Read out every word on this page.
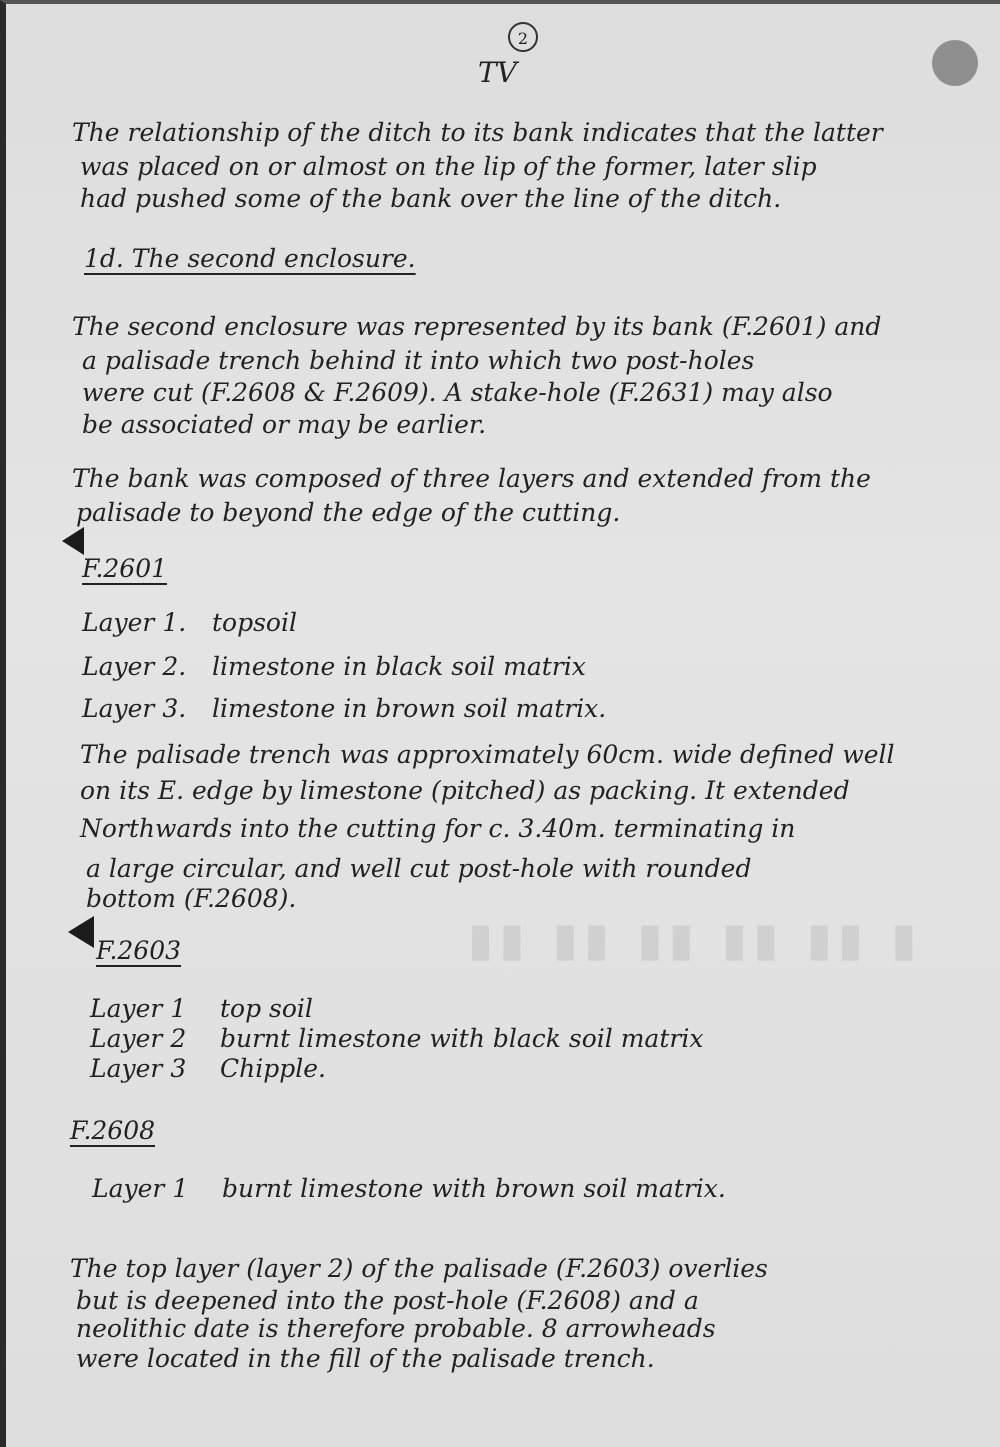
2
TV
The relationship of the ditch to its bank indicates that the latter
was placed on or almost on the lip of the former, later slip
had pushed some of the bank over the line of the ditch.
1d. The second enclosure.
The second enclosure was represented by its bank (F.2601) and
a palisade trench behind it into which two post-holes
were cut (F.2608 & F.2609). A stake-hole (F.2631) may also
be associated or may be earlier.
The bank was composed of three layers and extended from the
palisade to beyond the edge of the cutting.
F.2601
Layer 1. topsoil
Layer 2. limestone in black soil matrix
Layer 3. limestone in brown soil matrix.
The palisade trench was approximately 60cm. wide defined well
on its E. edge by limestone (pitched) as packing. It extended
Northwards into the cutting for c. 3.40m. terminating in
a large circular, and well cut post-hole with rounded
bottom (F.2608).
▮▮ ▮▮ ▮▮ ▮▮ ▮▮ ▮
F.2603
Layer 1 top soil
Layer 2 burnt limestone with black soil matrix
Layer 3 Chipple.
F.2608
Layer 1 burnt limestone with brown soil matrix.
The top layer (layer 2) of the palisade (F.2603) overlies
but is deepened into the post-hole (F.2608) and a
neolithic date is therefore probable. 8 arrowheads
were located in the fill of the palisade trench.
